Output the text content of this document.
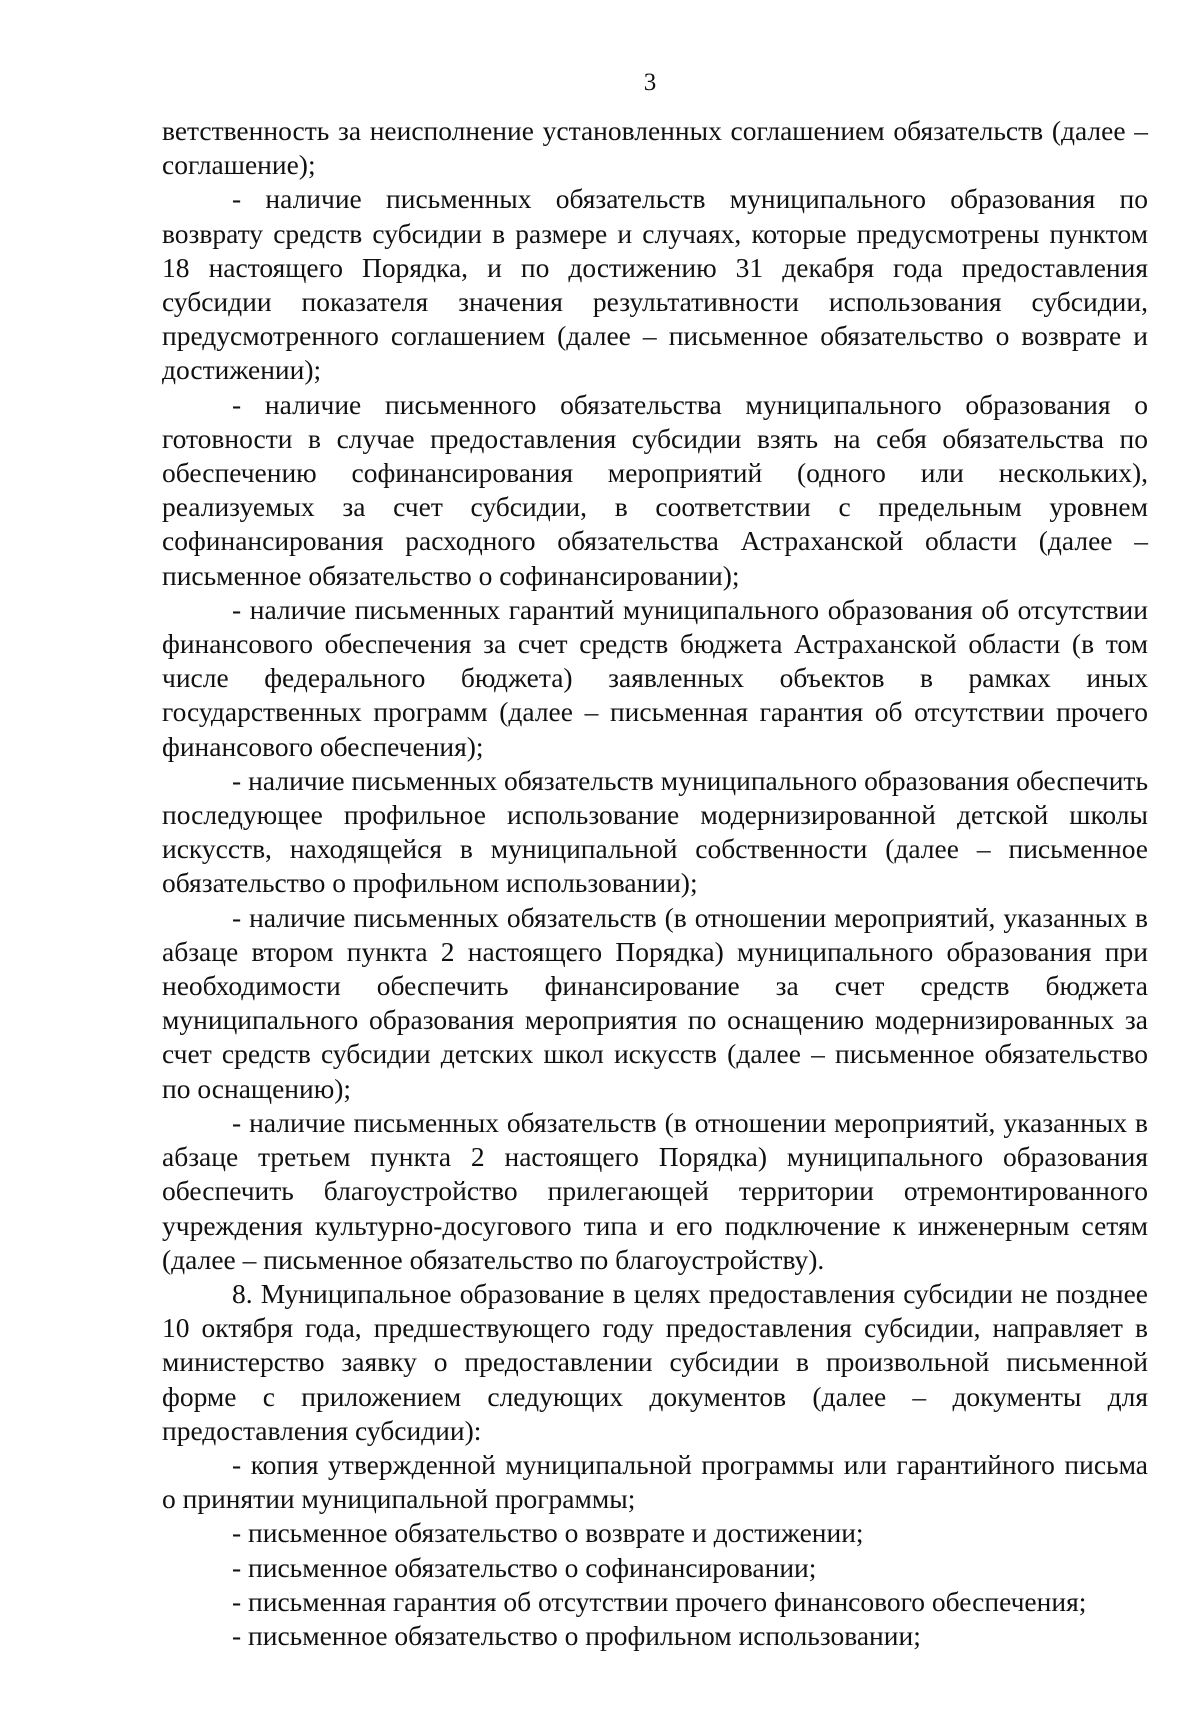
3

ветственность за неисполнение установленных соглашением обязательств (далее – соглашение);

- наличие письменных обязательств муниципального образования по возврату средств субсидии в размере и случаях, которые предусмотрены пунктом 18 настоящего Порядка, и по достижению 31 декабря года предоставления субсидии показателя значения результативности использования субсидии, предусмотренного соглашением (далее – письменное обязательство о возврате и достижении);

- наличие письменного обязательства муниципального образования о готовности в случае предоставления субсидии взять на себя обязательства по обеспечению софинансирования мероприятий (одного или нескольких), реализуемых за счет субсидии, в соответствии с предельным уровнем софинансирования расходного обязательства Астраханской области (далее – письменное обязательство о софинансировании);

- наличие письменных гарантий муниципального образования об отсутствии финансового обеспечения за счет средств бюджета Астраханской области (в том числе федерального бюджета) заявленных объектов в рамках иных государственных программ (далее – письменная гарантия об отсутствии прочего финансового обеспечения);

- наличие письменных обязательств муниципального образования обеспечить последующее профильное использование модернизированной детской школы искусств, находящейся в муниципальной собственности (далее – письменное обязательство о профильном использовании);

- наличие письменных обязательств (в отношении мероприятий, указанных в абзаце втором пункта 2 настоящего Порядка) муниципального образования при необходимости обеспечить финансирование за счет средств бюджета муниципального образования мероприятия по оснащению модернизированных за счет средств субсидии детских школ искусств (далее – письменное обязательство по оснащению);

- наличие письменных обязательств (в отношении мероприятий, указанных в абзаце третьем пункта 2 настоящего Порядка) муниципального образования обеспечить благоустройство прилегающей территории отремонтированного учреждения культурно-досугового типа и его подключение к инженерным сетям (далее – письменное обязательство по благоустройству).

8. Муниципальное образование в целях предоставления субсидии не позднее 10 октября года, предшествующего году предоставления субсидии, направляет в министерство заявку о предоставлении субсидии в произвольной письменной форме с приложением следующих документов (далее – документы для предоставления субсидии):

- копия утвержденной муниципальной программы или гарантийного письма о принятии муниципальной программы;

- письменное обязательство о возврате и достижении;

- письменное обязательство о софинансировании;

- письменная гарантия об отсутствии прочего финансового обеспечения;

- письменное обязательство о профильном использовании;
